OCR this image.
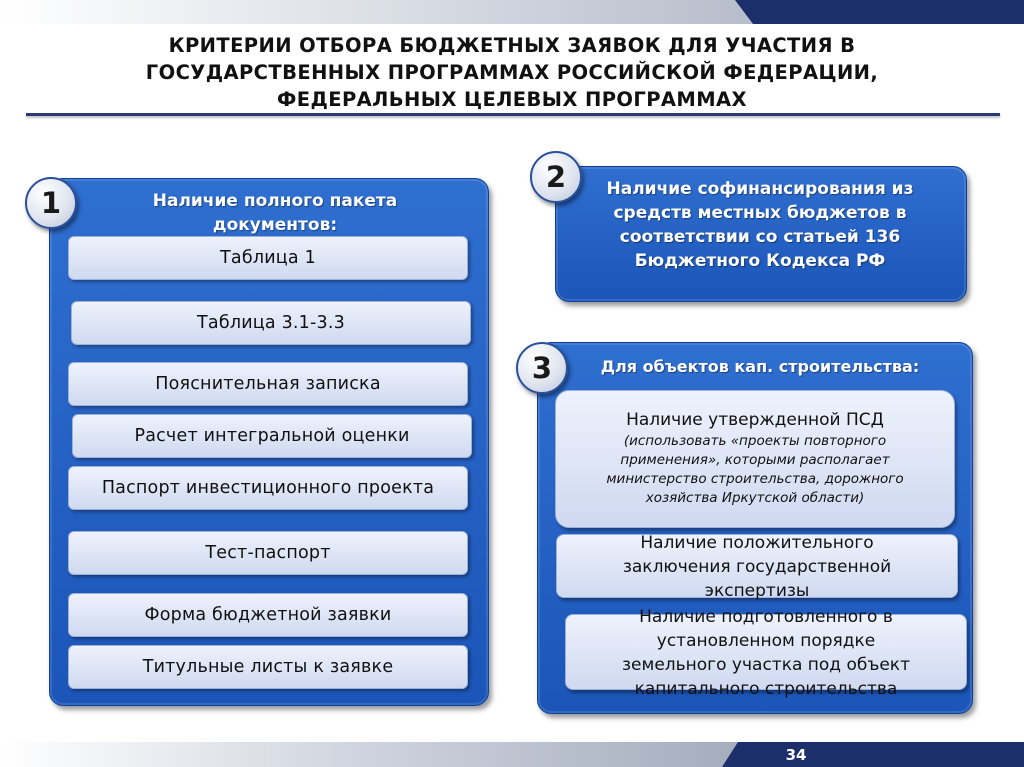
КРИТЕРИИ ОТБОРА БЮДЖЕТНЫХ ЗАЯВОК ДЛЯ УЧАСТИЯ В
ГОСУДАРСТВЕННЫХ ПРОГРАММАХ РОССИЙСКОЙ ФЕДЕРАЦИИ,
ФЕДЕРАЛЬНЫХ ЦЕЛЕВЫХ ПРОГРАММАХ
Наличие полного пакета
документов:
1
Таблица 1
Таблица 3.1-3.3
Пояснительная записка
Расчет интегральной оценки
Паспорт инвестиционного проекта
Тест-паспорт
Форма бюджетной заявки
Титульные листы к заявке
Наличие софинансирования из
средств местных бюджетов в
соответствии со статьей 136
Бюджетного Кодекса РФ
2
Для объектов кап. строительства:
3
Наличие утвержденной ПСД
(использовать «проекты повторного
применения», которыми располагает
министерство строительства, дорожного
хозяйства Иркутской области)
Наличие положительного
заключения государственной
экспертизы
Наличие подготовленного в
установленном порядке
земельного участка под объект
капитального строительства
34
